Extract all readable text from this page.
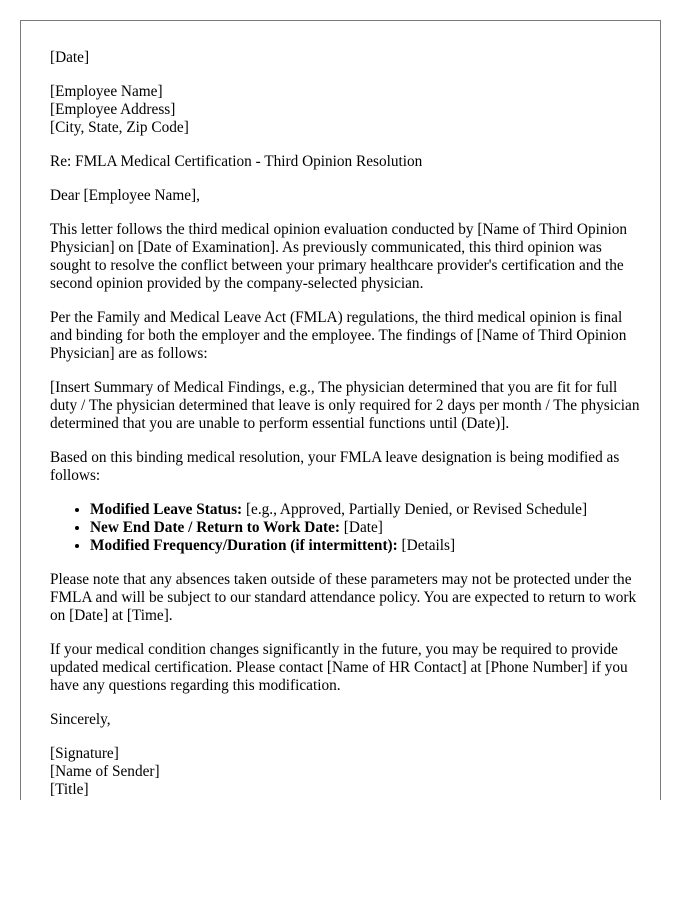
[Date]

[Employee Name]
[Employee Address]
[City, State, Zip Code]

Re: FMLA Medical Certification - Third Opinion Resolution

Dear [Employee Name],

This letter follows the third medical opinion evaluation conducted by [Name of Third Opinion Physician] on [Date of Examination]. As previously communicated, this third opinion was sought to resolve the conflict between your primary healthcare provider's certification and the second opinion provided by the company-selected physician.

Per the Family and Medical Leave Act (FMLA) regulations, the third medical opinion is final and binding for both the employer and the employee. The findings of [Name of Third Opinion Physician] are as follows:

[Insert Summary of Medical Findings, e.g., The physician determined that you are fit for full duty / The physician determined that leave is only required for 2 days per month / The physician determined that you are unable to perform essential functions until (Date)].

Based on this binding medical resolution, your FMLA leave designation is being modified as follows:

• Modified Leave Status: [e.g., Approved, Partially Denied, or Revised Schedule]
• New End Date / Return to Work Date: [Date]
• Modified Frequency/Duration (if intermittent): [Details]

Please note that any absences taken outside of these parameters may not be protected under the FMLA and will be subject to our standard attendance policy. You are expected to return to work on [Date] at [Time].

If your medical condition changes significantly in the future, you may be required to provide updated medical certification. Please contact [Name of HR Contact] at [Phone Number] if you have any questions regarding this modification.

Sincerely,

[Signature]
[Name of Sender]
[Title]
